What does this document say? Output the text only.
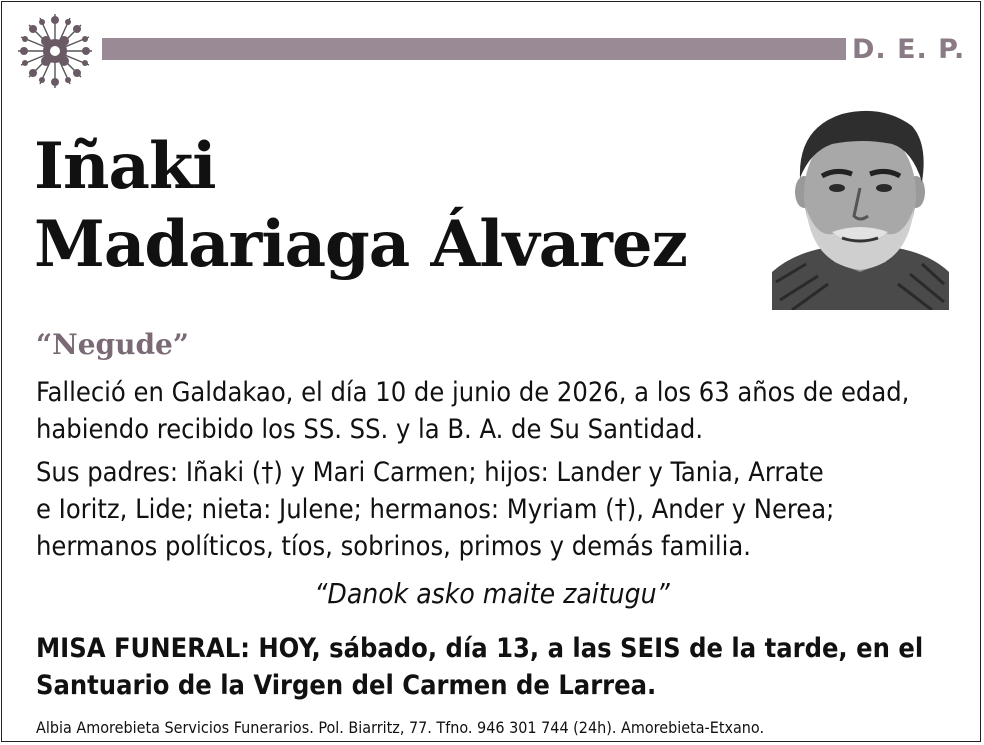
D. E. P.
Iñaki
Madariaga Álvarez
“Negude”
Falleció en Galdakao, el día 10 de junio de 2026, a los 63 años de edad,
habiendo recibido los SS. SS. y la B. A. de Su Santidad.
Sus padres: Iñaki (†) y Mari Carmen; hijos: Lander y Tania, Arrate
e Ioritz, Lide; nieta: Julene; hermanos: Myriam (†), Ander y Nerea;
hermanos políticos, tíos, sobrinos, primos y demás familia.
“Danok asko maite zaitugu”
MISA FUNERAL: HOY, sábado, día 13, a las SEIS de la tarde, en el
Santuario de la Virgen del Carmen de Larrea.
Albia Amorebieta Servicios Funerarios. Pol. Biarritz, 77. Tfno. 946 301 744 (24h). Amorebieta-Etxano.
